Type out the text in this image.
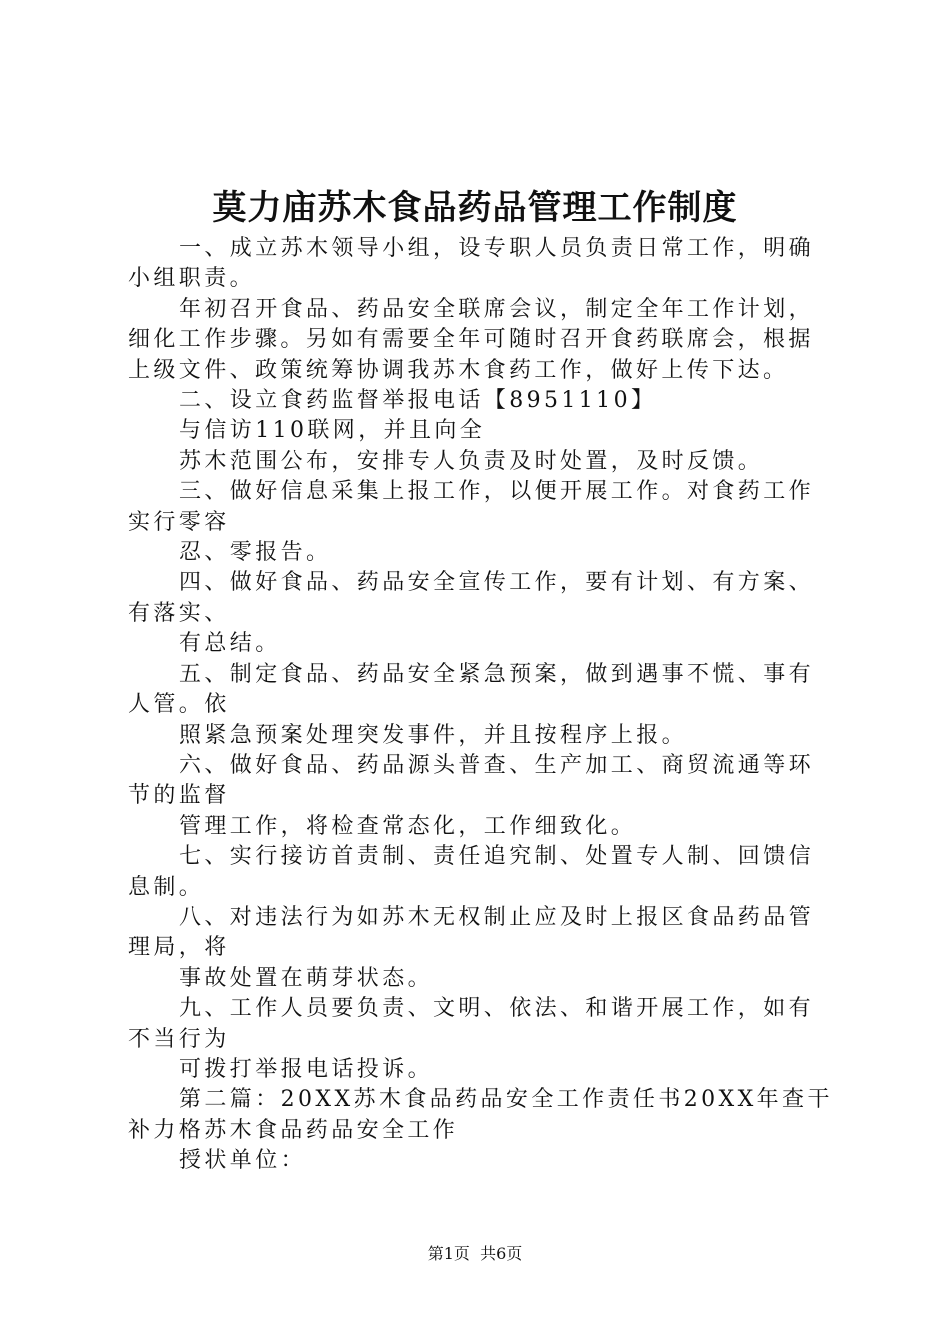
莫力庙苏木食品药品管理工作制度

一、成立苏木领导小组，设专职人员负责日常工作，明确小组职责。

年初召开食品、药品安全联席会议，制定全年工作计划，细化工作步骤。另如有需要全年可随时召开食药联席会，根据上级文件、政策统筹协调我苏木食药工作，做好上传下达。

二、设立食药监督举报电话【8951110】

与信访110联网，并且向全

苏木范围公布，安排专人负责及时处置，及时反馈。

三、做好信息采集上报工作，以便开展工作。对食药工作实行零容

忍、零报告。

四、做好食品、药品安全宣传工作，要有计划、有方案、有落实、

有总结。

五、制定食品、药品安全紧急预案，做到遇事不慌、事有人管。依

照紧急预案处理突发事件，并且按程序上报。

六、做好食品、药品源头普查、生产加工、商贸流通等环节的监督

管理工作，将检查常态化，工作细致化。

七、实行接访首责制、责任追究制、处置专人制、回馈信息制。

八、对违法行为如苏木无权制止应及时上报区食品药品管理局，将

事故处置在萌芽状态。

九、工作人员要负责、文明、依法、和谐开展工作，如有不当行为

可拨打举报电话投诉。

第二篇：20XX苏木食品药品安全工作责任书20XX年查干补力格苏木食品药品安全工作

授状单位：

第1页 共6页
